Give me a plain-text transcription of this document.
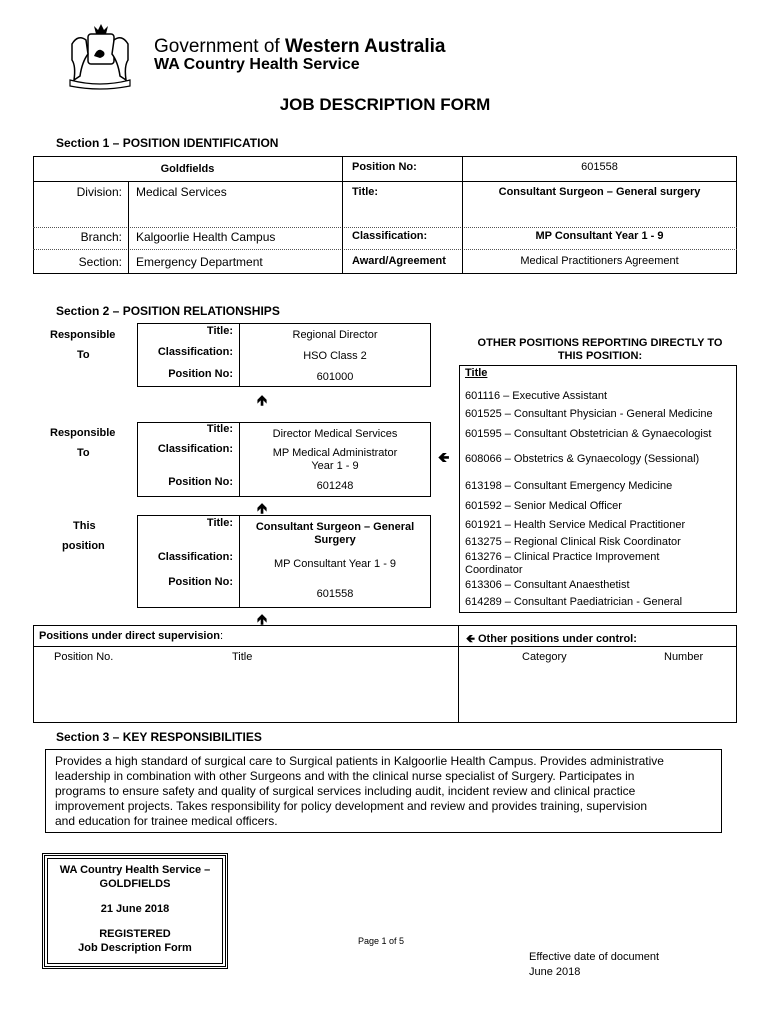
Government of Western Australia
WA Country Health Service
JOB DESCRIPTION FORM
Section 1 – POSITION IDENTIFICATION
Goldfields	Position No:	601558
Division: Medical Services	Title:	Consultant Surgeon – General surgery
Branch: Kalgoorlie Health Campus	Classification:	MP Consultant Year 1 - 9
Section: Emergency Department	Award/Agreement	Medical Practitioners Agreement
Section 2 – POSITION RELATIONSHIPS
Responsible
To
Responsible
To
This
position
Title:	Regional Director
Classification:	HSO Class 2
Position No:	601000
🡹
Title:	Director Medical Services
Classification:	MP Medical Administrator
Year 1 - 9
Position No:	601248
🡸
🡹
Title:	Consultant Surgeon – General
Surgery
Classification:
MP Consultant Year 1 - 9
Position No:
601558
🡹
OTHER POSITIONS REPORTING DIRECTLY TO
THIS POSITION:
Title
601116 – Executive Assistant
601525 – Consultant Physician - General Medicine
601595 – Consultant Obstetrician & Gynaecologist
608066 – Obstetrics & Gynaecology (Sessional)
613198 – Consultant Emergency Medicine
601592 – Senior Medical Officer
601921 – Health Service Medical Practitioner
613275 – Regional Clinical Risk Coordinator
613276 – Clinical Practice Improvement
Coordinator
613306 – Consultant Anaesthetist
614289 – Consultant Paediatrician - General
Positions under direct supervision:
Position No.	Title
🡸 Other positions under control:
Category	Number
Section 3 – KEY RESPONSIBILITIES
Provides a high standard of surgical care to Surgical patients in Kalgoorlie Health Campus. Provides administrative
leadership in combination with other Surgeons and with the clinical nurse specialist of Surgery. Participates in
programs to ensure safety and quality of surgical services including audit, incident review and clinical practice
improvement projects. Takes responsibility for policy development and review and provides training, supervision
and education for trainee medical officers.
WA Country Health Service –
GOLDFIELDS
21 June 2018
REGISTERED
Job Description Form
Page 1 of 5
Effective date of document
June 2018
